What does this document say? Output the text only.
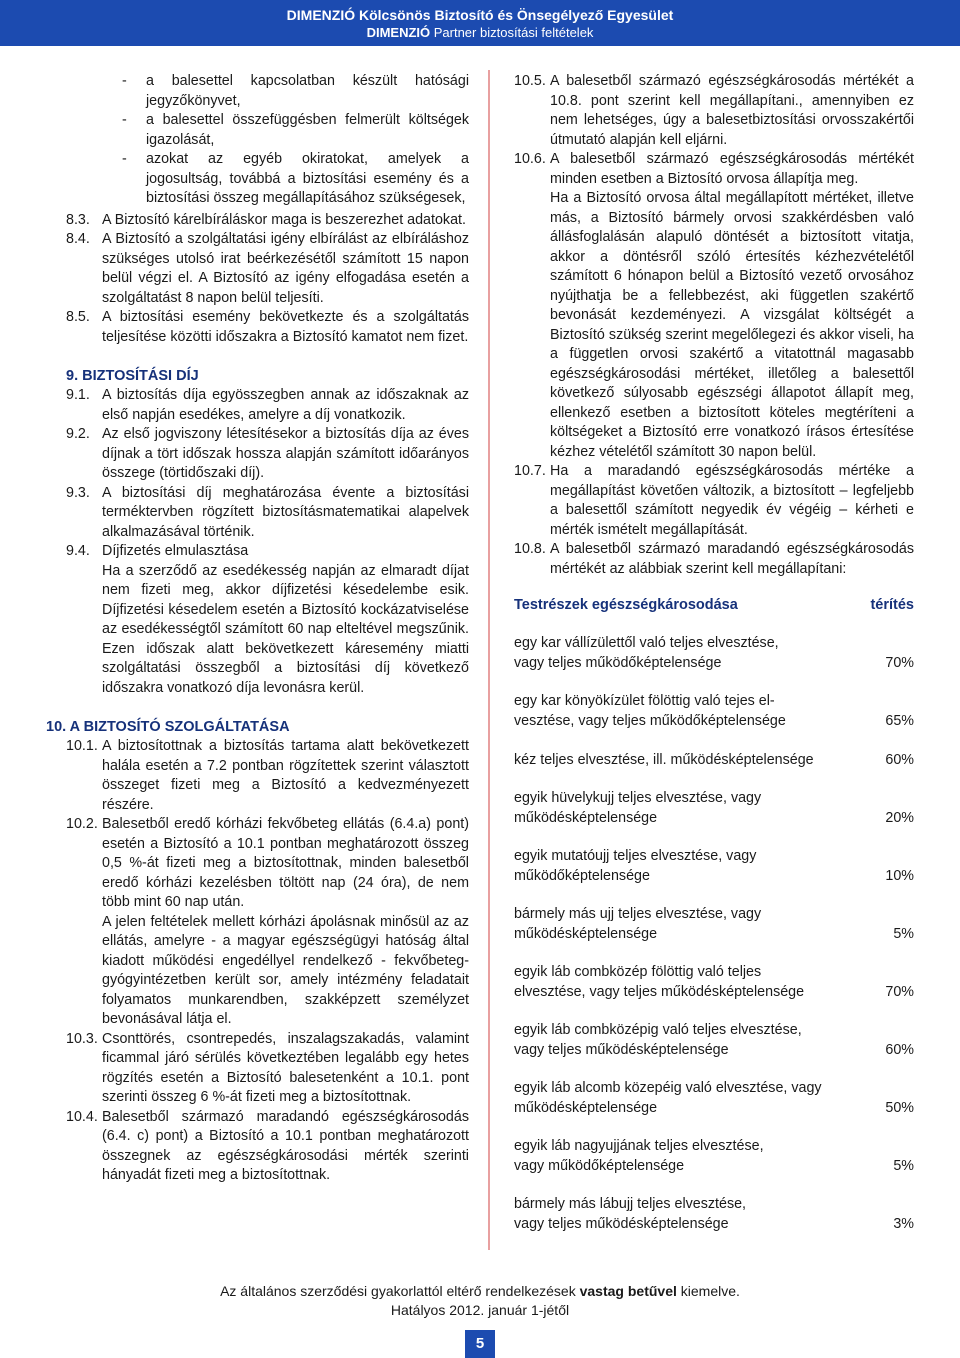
DIMENZIÓ Kölcsönös Biztosító és Önsegélyező Egyesület
DIMENZIÓ Partner biztosítási feltételek
-	a balesettel kapcsolatban készült hatósági jegyzőkönyvet,
-	a balesettel összefüggésben felmerült költségek igazolását,
-	azokat az egyéb okiratokat, amelyek a jogosultság, továbbá a biztosítási esemény és a biztosítási összeg megállapításához szükségesek,
8.3. A Biztosító kárelbíráláskor maga is beszerezhet adatokat.
8.4. A Biztosító a szolgáltatási igény elbírálást az elbíráláshoz szükséges utolsó irat beérkezésétől számított 15 napon belül végzi el. A Biztosító az igény elfogadása esetén a szolgáltatást 8 napon belül teljesíti.
8.5. A biztosítási esemény bekövetkezte és a szolgáltatás teljesítése közötti időszakra a Biztosító kamatot nem fizet.
9. BIZTOSÍTÁSI DÍJ
9.1. A biztosítás díja egyösszegben annak az időszaknak az első napján esedékes, amelyre a díj vonatkozik.
9.2. Az első jogviszony létesítésekor a biztosítás díja az éves díjnak a tört időszak hossza alapján számított időarányos összege (törtidőszaki díj).
9.3. A biztosítási díj meghatározása évente a biztosítási terméktervben rögzített biztosításmatematikai alapelvek alkalmazásával történik.
9.4. Díjfizetés elmulasztása
Ha a szerződő az esedékesség napján az elmaradt díjat nem fizeti meg, akkor díjfizetési késedelembe esik. Díjfizetési késedelem esetén a Biztosító kockázatviselése az esedékességtől számított 60 nap elteltével megszűnik. Ezen időszak alatt bekövetkezett káresemény miatti szolgáltatási összegből a biztosítási díj következő időszakra vonatkozó díja levonásra kerül.
10. A BIZTOSÍTÓ SZOLGÁLTATÁSA
10.1. A biztosítottnak a biztosítás tartama alatt bekövetkezett halála esetén a 7.2 pontban rögzítettek szerint választott összeget fizeti meg a Biztosító a kedvezményezett részére.
10.2. Balesetből eredő kórházi fekvőbeteg ellátás (6.4.a) pont) esetén a Biztosító a 10.1 pontban meghatározott összeg 0,5 %-át fizeti meg a biztosítottnak, minden balesetből eredő kórházi kezelésben töltött nap (24 óra), de nem több mint 60 nap után.
A jelen feltételek mellett kórházi ápolásnak minősül az az ellátás, amelyre - a magyar egészségügyi hatóság által kiadott működési engedéllyel rendelkező - fekvőbeteg-gyógyintézetben került sor, amely intézmény feladatait folyamatos munkarendben, szakképzett személyzet bevonásával látja el.
10.3. Csonttörés, csontrepedés, inszalagszakadás, valamint ficammal járó sérülés következtében legalább egy hetes rögzítés esetén a Biztosító balesetenként a 10.1. pont szerinti összeg 6 %-át fizeti meg a biztosítottnak.
10.4. Balesetből származó maradandó egészségkárosodás (6.4. c) pont) a Biztosító a 10.1 pontban meghatározott összegnek az egészségkárosodási mérték szerinti hányadát fizeti meg a biztosítottnak.
10.5. A balesetből származó egészségkárosodás mértékét a 10.8. pont szerint kell megállapítani., amennyiben ez nem lehetséges, úgy a balesetbiztosítási orvosszakértői útmutató alapján kell eljárni.
10.6. A balesetből származó egészségkárosodás mértékét minden esetben a Biztosító orvosa állapítja meg.
Ha a Biztosító orvosa által megállapított mértéket, illetve más, a Biztosító bármely orvosi szakkérdésben való állásfoglalásán alapuló döntését a biztosított vitatja, akkor a döntésről szóló értesítés kézhezvételétől számított 6 hónapon belül a Biztosító vezető orvosához nyújthatja be a fellebbezést, aki független szakértő bevonását kezdeményezi. A vizsgálat költségét a Biztosító szükség szerint megelőlegezi és akkor viseli, ha a független orvosi szakértő a vitatottnál magasabb egészségkárosodási mértéket, illetőleg a balesettől következő súlyosabb egészségi állapotot állapít meg, ellenkező esetben a biztosított köteles megtéríteni a költségeket a Biztosító erre vonatkozó írásos értesítése kézhez vételétől számított 30 napon belül.
10.7. Ha a maradandó egészségkárosodás mértéke a megállapítást követően változik, a biztosított – legfeljebb a balesettől számított negyedik év végéig – kérheti e mérték ismételt megállapítását.
10.8. A balesetből származó maradandó egészségkárosodás mértékét az alábbiak szerint kell megállapítani:
Testrészek egészségkárosodása	térítés
egy kar vállízülettől való teljes elvesztése,
vagy teljes működőképtelensége	70%
egy kar könyökízület fölöttig való tejes el-
vesztése, vagy teljes működőképtelensége	65%
kéz teljes elvesztése, ill. működésképtelensége	60%
egyik hüvelykujj teljes elvesztése, vagy
működésképtelensége	20%
egyik mutatóujj teljes elvesztése, vagy
működőképtelensége	10%
bármely más ujj teljes elvesztése, vagy
működésképtelensége	5%
egyik láb combközép fölöttig való teljes
elvesztése, vagy teljes működésképtelensége	70%
egyik láb combközépig való teljes elvesztése,
vagy teljes működésképtelensége	60%
egyik láb alcomb közepéig való elvesztése, vagy
működésképtelensége	50%
egyik láb nagyujjának teljes elvesztése,
vagy működőképtelensége	5%
bármely más lábujj teljes elvesztése,
vagy teljes működésképtelensége	3%
Az általános szerződési gyakorlattól eltérő rendelkezések vastag betűvel kiemelve.
Hatályos 2012. január 1-jétől
5
